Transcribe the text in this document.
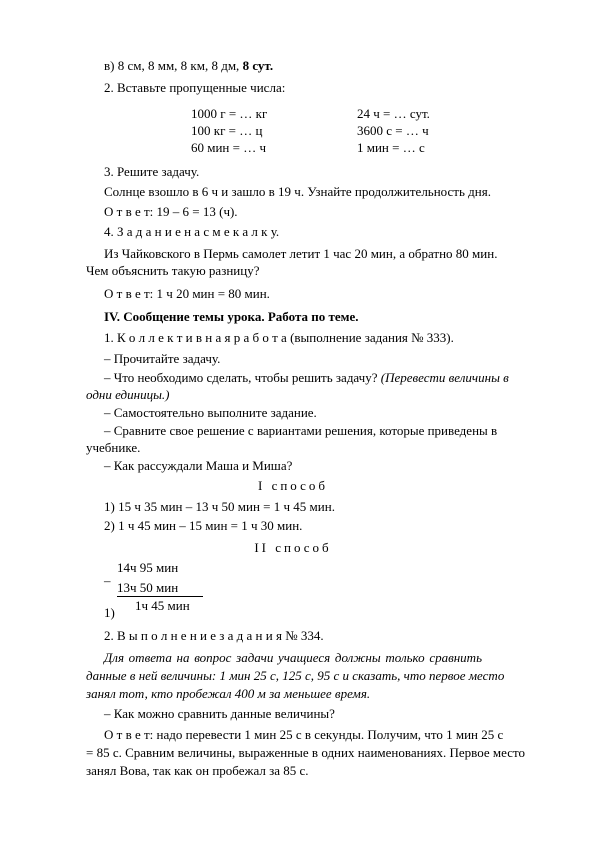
в) 8 см, 8 мм, 8 км, 8 дм, 8 сут.
2. Вставьте пропущенные числа:
1000 г = … кг	24 ч = … сут.
100 кг = … ц	3600 с = … ч
60 мин = … ч	1 мин = … с
3. Решите задачу.
Солнце взошло в 6 ч и зашло в 19 ч. Узнайте продолжительность дня.
О т в е т: 19 – 6 = 13 (ч).
4. З а д а н и е н а с м е к а л к у.
Из Чайковского в Пермь самолет летит 1 час 20 мин, а обратно 80 мин.
Чем объяснить такую разницу?
О т в е т: 1 ч 20 мин = 80 мин.
IV. Сообщение темы урока. Работа по теме.
1. К о л л е к т и в н а я р а б о т а (выполнение задания № 333).
– Прочитайте задачу.
– Что необходимо сделать, чтобы решить задачу? (Перевести величины в
одни единицы.)
– Самостоятельно выполните задание.
– Сравните свое решение с вариантами решения, которые приведены в
учебнике.
– Как рассуждали Маша и Миша?
I способ
1) 15 ч 35 мин – 13 ч 50 мин = 1 ч 45 мин.
2) 1 ч 45 мин – 15 мин = 1 ч 30 мин.
II способ
14ч 95 мин
– 13ч 50 мин
1ч 45 мин
1)
2. В ы п о л н е н и е з а д а н и я № 334.
Для ответа на вопрос задачи учащиеся должны только сравнить
данные в ней величины: 1 мин 25 с, 125 с, 95 с и сказать, что первое место
занял тот, кто пробежал 400 м за меньшее время.
– Как можно сравнить данные величины?
О т в е т: надо перевести 1 мин 25 с в секунды. Получим, что 1 мин 25 с
= 85 с. Сравним величины, выраженные в одних наименованиях. Первое место
занял Вова, так как он пробежал за 85 с.
